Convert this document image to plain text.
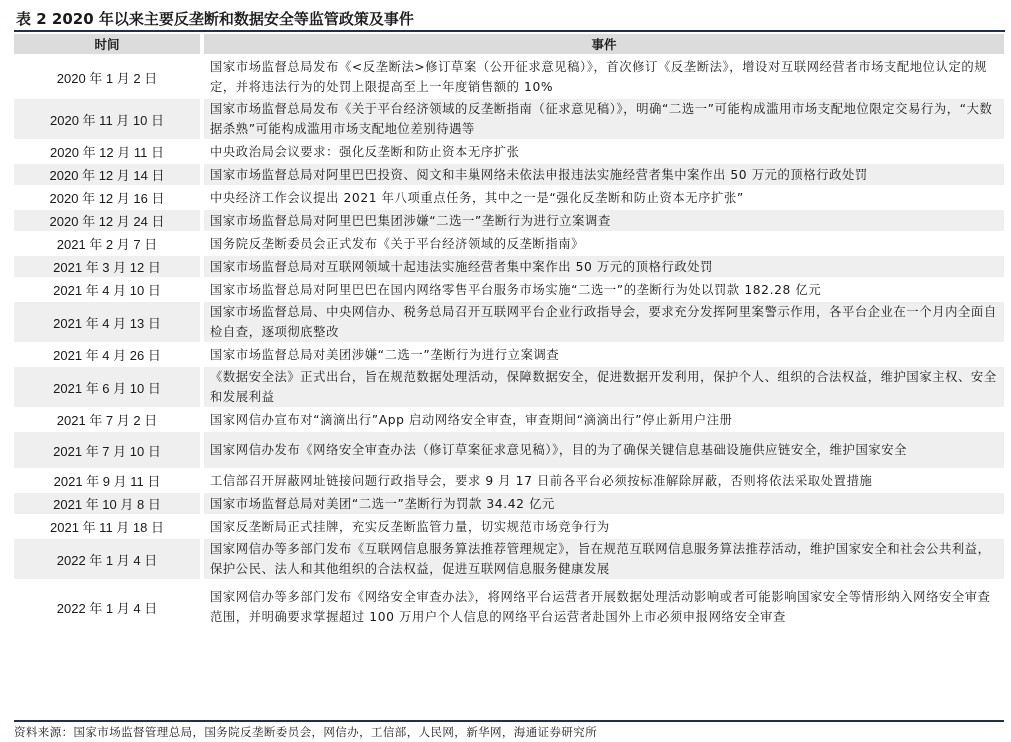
表 2 2020 年以来主要反垄断和数据安全等监管政策及事件
时间		事件
2020 年 1 月 2 日		国家市场监督总局发布《<反垄断法>修订草案（公开征求意见稿）》，首次修订《反垄断法》，增设对互联网经营者市场支配地位认定的规定，并将违法行为的处罚上限提高至上一年度销售额的 10%
2020 年 11 月 10 日		国家市场监督总局发布《关于平台经济领域的反垄断指南（征求意见稿）》，明确“二选一”可能构成滥用市场支配地位限定交易行为，“大数据杀熟”可能构成滥用市场支配地位差别待遇等
2020 年 12 月 11 日		中央政治局会议要求：强化反垄断和防止资本无序扩张
2020 年 12 月 14 日		国家市场监督总局对阿里巴巴投资、阅文和丰巢网络未依法申报违法实施经营者集中案作出 50 万元的顶格行政处罚
2020 年 12 月 16 日		中央经济工作会议提出 2021 年八项重点任务，其中之一是“强化反垄断和防止资本无序扩张”
2020 年 12 月 24 日		国家市场监督总局对阿里巴巴集团涉嫌“二选一”垄断行为进行立案调查
2021 年 2 月 7 日		国务院反垄断委员会正式发布《关于平台经济领域的反垄断指南》
2021 年 3 月 12 日		国家市场监督总局对互联网领域十起违法实施经营者集中案作出 50 万元的顶格行政处罚
2021 年 4 月 10 日		国家市场监督总局对阿里巴巴在国内网络零售平台服务市场实施“二选一”的垄断行为处以罚款 182.28 亿元
2021 年 4 月 13 日		国家市场监督总局、中央网信办、税务总局召开互联网平台企业行政指导会，要求充分发挥阿里案警示作用，各平台企业在一个月内全面自检自查，逐项彻底整改
2021 年 4 月 26 日		国家市场监督总局对美团涉嫌“二选一”垄断行为进行立案调查
2021 年 6 月 10 日		《数据安全法》正式出台，旨在规范数据处理活动，保障数据安全，促进数据开发利用，保护个人、组织的合法权益，维护国家主权、安全和发展利益
2021 年 7 月 2 日		国家网信办宣布对“滴滴出行”App 启动网络安全审查，审查期间“滴滴出行”停止新用户注册
2021 年 7 月 10 日		国家网信办发布《网络安全审查办法（修订草案征求意见稿）》，目的为了确保关键信息基础设施供应链安全，维护国家安全
2021 年 9 月 11 日		工信部召开屏蔽网址链接问题行政指导会，要求 9 月 17 日前各平台必须按标准解除屏蔽，否则将依法采取处置措施
2021 年 10 月 8 日		国家市场监督总局对美团“二选一”垄断行为罚款 34.42 亿元
2021 年 11 月 18 日		国家反垄断局正式挂牌，充实反垄断监管力量，切实规范市场竞争行为
2022 年 1 月 4 日		国家网信办等多部门发布《互联网信息服务算法推荐管理规定》，旨在规范互联网信息服务算法推荐活动，维护国家安全和社会公共利益，保护公民、法人和其他组织的合法权益，促进互联网信息服务健康发展
2022 年 1 月 4 日		国家网信办等多部门发布《网络安全审查办法》，将网络平台运营者开展数据处理活动影响或者可能影响国家安全等情形纳入网络安全审查范围，并明确要求掌握超过 100 万用户个人信息的网络平台运营者赴国外上市必须申报网络安全审查
资料来源：国家市场监督管理总局，国务院反垄断委员会，网信办，工信部，人民网，新华网，海通证券研究所
